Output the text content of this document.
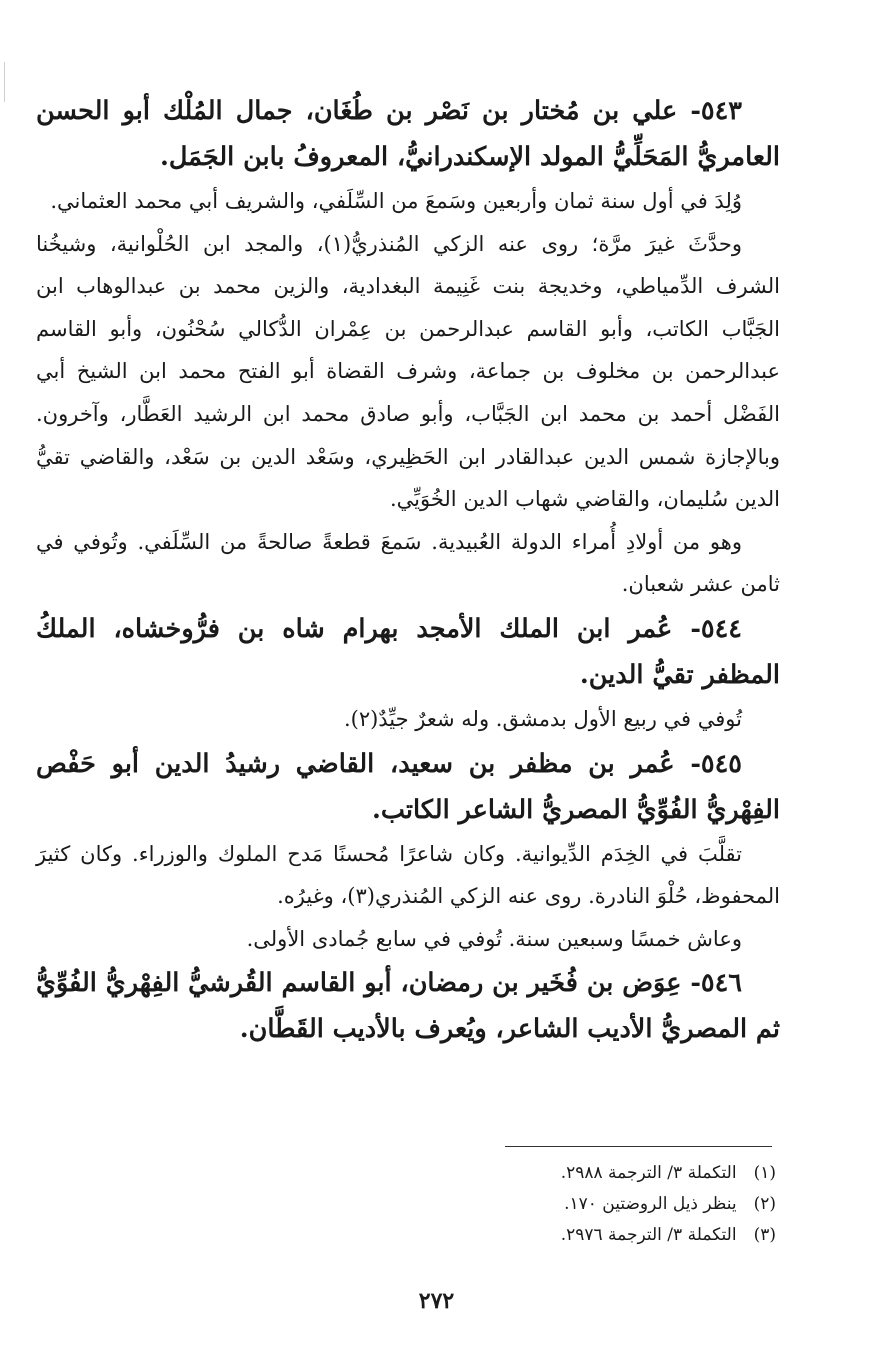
٥٤٣- علي بن مُختار بن نَصْر بن طُغَان، جمال المُلْك أبو الحسن العامريُّ المَحَلِّيُّ المولد الإسكندرانيُّ، المعروفُ بابن الجَمَل.

وُلِدَ في أول سنة ثمان وأربعين وسَمعَ من السِّلَفي، والشريف أبي محمد العثماني.

وحدَّثَ غيرَ مرَّة؛ روى عنه الزكي المُنذريُّ(١)، والمجد ابن الحُلْوانية، وشيخُنا الشرف الدِّمياطي، وخديجة بنت غَنِيمة البغدادية، والزين محمد بن عبدالوهاب ابن الجَبَّاب الكاتب، وأبو القاسم عبدالرحمن بن عِمْران الدُّكالي سُحْنُون، وأبو القاسم عبدالرحمن بن مخلوف بن جماعة، وشرف القضاة أبو الفتح محمد ابن الشيخ أبي الفَضْل أحمد بن محمد ابن الجَبَّاب، وأبو صادق محمد ابن الرشيد العَطَّار، وآخرون. وبالإجازة شمس الدين عبدالقادر ابن الحَظِيري، وسَعْد الدين بن سَعْد، والقاضي تقيُّ الدين سُليمان، والقاضي شهاب الدين الخُوَيِّي.

وهو من أولادِ أُمراء الدولة العُبيدية. سَمعَ قطعةً صالحةً من السِّلَفي. وتُوفي في ثامن عشر شعبان.

٥٤٤- عُمر ابن الملك الأمجد بهرام شاه بن فرُّوخشاه، الملكُ المظفر تقيُّ الدين.

تُوفي في ربيع الأول بدمشق. وله شعرٌ جيِّدٌ(٢).

٥٤٥- عُمر بن مظفر بن سعيد، القاضي رشيدُ الدين أبو حَفْص الفِهْريُّ الفُوِّيُّ المصريُّ الشاعر الكاتب.

تقلَّبَ في الخِدَم الدِّيوانية. وكان شاعرًا مُحسنًا مَدح الملوك والوزراء. وكان كثيرَ المحفوظ، حُلْوَ النادرة. روى عنه الزكي المُنذري(٣)، وغيرُه.

وعاش خمسًا وسبعين سنة. تُوفي في سابع جُمادى الأولى.

٥٤٦- عِوَض بن فُخَير بن رمضان، أبو القاسم القُرشيُّ الفِهْريُّ الفُوِّيُّ ثم المصريُّ الأديب الشاعر، ويُعرف بالأديب القَطَّان.

(١) التكملة ٣/ الترجمة ٢٩٨٨.
(٢) ينظر ذيل الروضتين ١٧٠.
(٣) التكملة ٣/ الترجمة ٢٩٧٦.
٢٧٢
